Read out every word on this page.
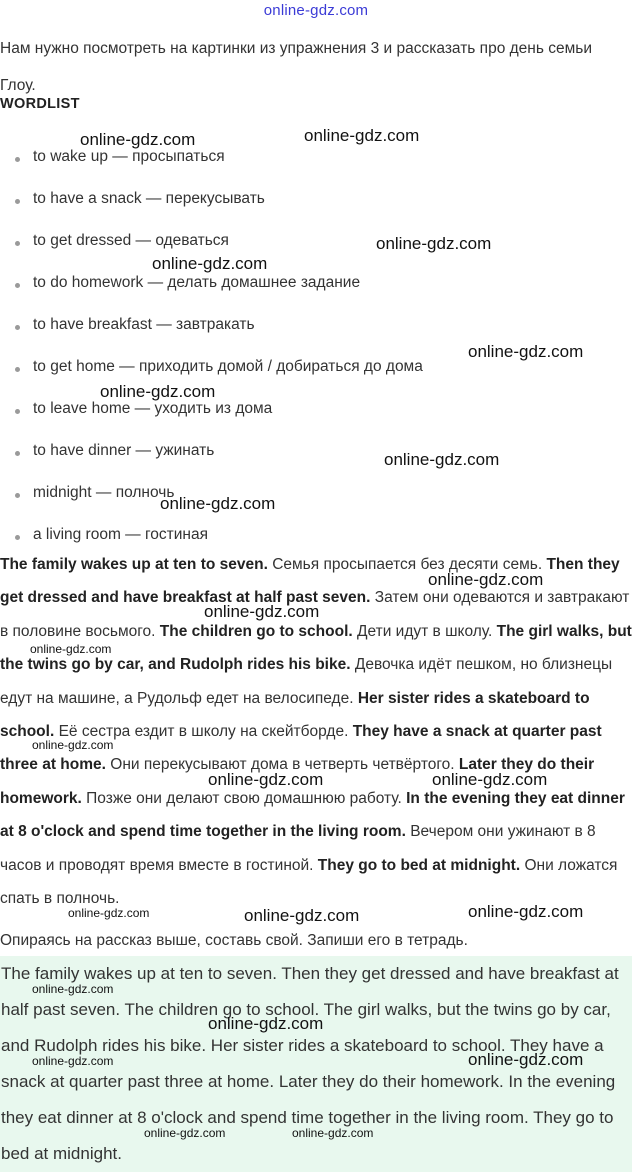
online-gdz.com

Нам нужно посмотреть на картинки из упражнения 3 и рассказать про день семьи Глоу.

WORDLIST
to wake up — просыпаться
to have a snack — перекусывать
to get dressed — одеваться
to do homework — делать домашнее задание
to have breakfast — завтракать
to get home — приходить домой / добираться до дома
to leave home — уходить из дома
to have dinner — ужинать
midnight — полночь
a living room — гостиная

The family wakes up at ten to seven. Семья просыпается без десяти семь. Then they get dressed and have breakfast at half past seven. Затем они одеваются и завтракают в половине восьмого. The children go to school. Дети идут в школу. The girl walks, but the twins go by car, and Rudolph rides his bike. Девочка идёт пешком, но близнецы едут на машине, а Рудольф едет на велосипеде. Her sister rides a skateboard to school. Её сестра ездит в школу на скейтборде. They have a snack at quarter past three at home. Они перекусывают дома в четверть четвёртого. Later they do their homework. Позже они делают свою домашнюю работу. In the evening they eat dinner at 8 o'clock and spend time together in the living room. Вечером они ужинают в 8 часов и проводят время вместе в гостиной. They go to bed at midnight. Они ложатся спать в полночь.

Опираясь на рассказ выше, составь свой. Запиши его в тетрадь.

The family wakes up at ten to seven. Then they get dressed and have breakfast at half past seven. The children go to school. The girl walks, but the twins go by car, and Rudolph rides his bike. Her sister rides a skateboard to school. They have a snack at quarter past three at home. Later they do their homework. In the evening they eat dinner at 8 o'clock and spend time together in the living room. They go to bed at midnight.

online-gdz.com	online-gdz.com
online-gdz.com
online-gdz.com
online-gdz.com
online-gdz.com
online-gdz.com
online-gdz.com
online-gdz.com
online-gdz.com
online-gdz.com
online-gdz.com
online-gdz.com	online-gdz.com
online-gdz.com	online-gdz.com	online-gdz.com
online-gdz.com
online-gdz.com
online-gdz.com	online-gdz.com
online-gdz.com	online-gdz.com
